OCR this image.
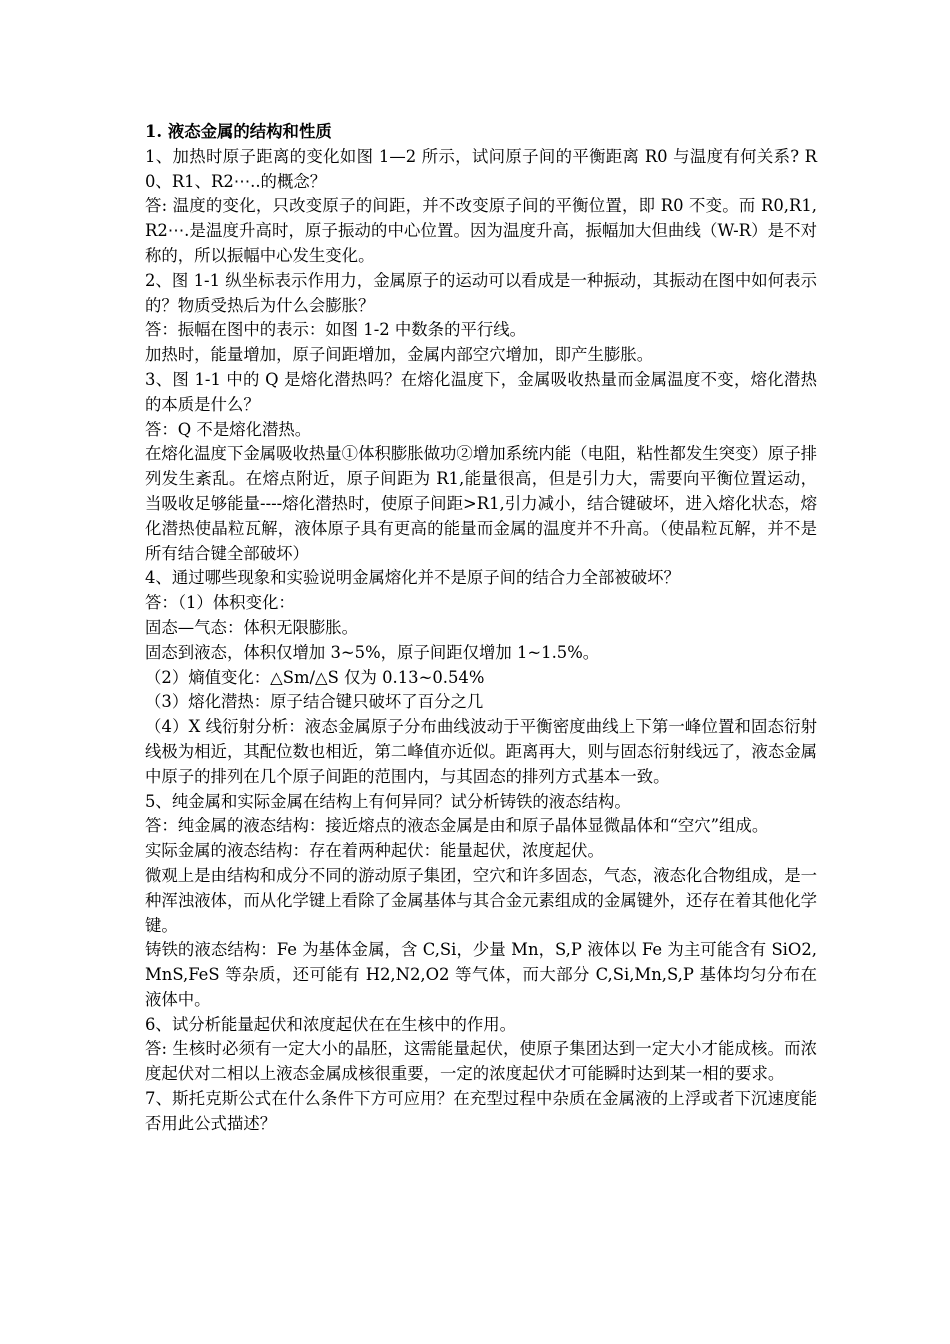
1. 液态金属的结构和性质

1、加热时原子距离的变化如图 1—2 所示，试问原子间的平衡距离 R0 与温度有何关系? R0、R1、R2⋯..的概念？

答: 温度的变化，只改变原子的间距，并不改变原子间的平衡位置，即 R0 不变。而 R0,R1,R2⋯.是温度升高时，原子振动的中心位置。因为温度升高，振幅加大但曲线（W-R）是不对称的，所以振幅中心发生变化。

2、图 1-1 纵坐标表示作用力，金属原子的运动可以看成是一种振动，其振动在图中如何表示的？物质受热后为什么会膨胀？

答：振幅在图中的表示：如图 1-2 中数条的平行线。

加热时，能量增加，原子间距增加，金属内部空穴增加，即产生膨胀。

3、图 1-1 中的 Q 是熔化潜热吗？在熔化温度下，金属吸收热量而金属温度不变，熔化潜热的本质是什么？

答：Q 不是熔化潜热。

在熔化温度下金属吸收热量①体积膨胀做功②增加系统内能（电阻，粘性都发生突变）原子排列发生紊乱。在熔点附近，原子间距为 R1,能量很高，但是引力大，需要向平衡位置运动，当吸收足够能量----熔化潜热时，使原子间距>R1,引力减小，结合键破坏，进入熔化状态，熔化潜热使晶粒瓦解，液体原子具有更高的能量而金属的温度并不升高。（使晶粒瓦解，并不是所有结合键全部破坏）

4、通过哪些现象和实验说明金属熔化并不是原子间的结合力全部被破坏？

答：（1）体积变化：

固态—气态：体积无限膨胀。

固态到液态，体积仅增加 3~5%，原子间距仅增加 1~1.5%。

（2）熵值变化：△Sm/△S 仅为 0.13~0.54%

（3）熔化潜热：原子结合键只破坏了百分之几

（4）X 线衍射分析：液态金属原子分布曲线波动于平衡密度曲线上下第一峰位置和固态衍射线极为相近，其配位数也相近，第二峰值亦近似。距离再大，则与固态衍射线远了，液态金属中原子的排列在几个原子间距的范围内，与其固态的排列方式基本一致。

5、纯金属和实际金属在结构上有何异同？试分析铸铁的液态结构。

答：纯金属的液态结构：接近熔点的液态金属是由和原子晶体显微晶体和“空穴”组成。

实际金属的液态结构：存在着两种起伏：能量起伏，浓度起伏。

微观上是由结构和成分不同的游动原子集团，空穴和许多固态，气态，液态化合物组成，是一种浑浊液体，而从化学键上看除了金属基体与其合金元素组成的金属键外，还存在着其他化学键。

铸铁的液态结构：Fe 为基体金属，含 C,Si，少量 Mn，S,P 液体以 Fe 为主可能含有 SiO2,MnS,FeS 等杂质，还可能有 H2,N2,O2 等气体，而大部分 C,Si,Mn,S,P 基体均匀分布在液体中。

6、试分析能量起伏和浓度起伏在在生核中的作用。

答: 生核时必须有一定大小的晶胚，这需能量起伏，使原子集团达到一定大小才能成核。而浓度起伏对二相以上液态金属成核很重要，一定的浓度起伏才可能瞬时达到某一相的要求。

7、斯托克斯公式在什么条件下方可应用？在充型过程中杂质在金属液的上浮或者下沉速度能否用此公式描述？
